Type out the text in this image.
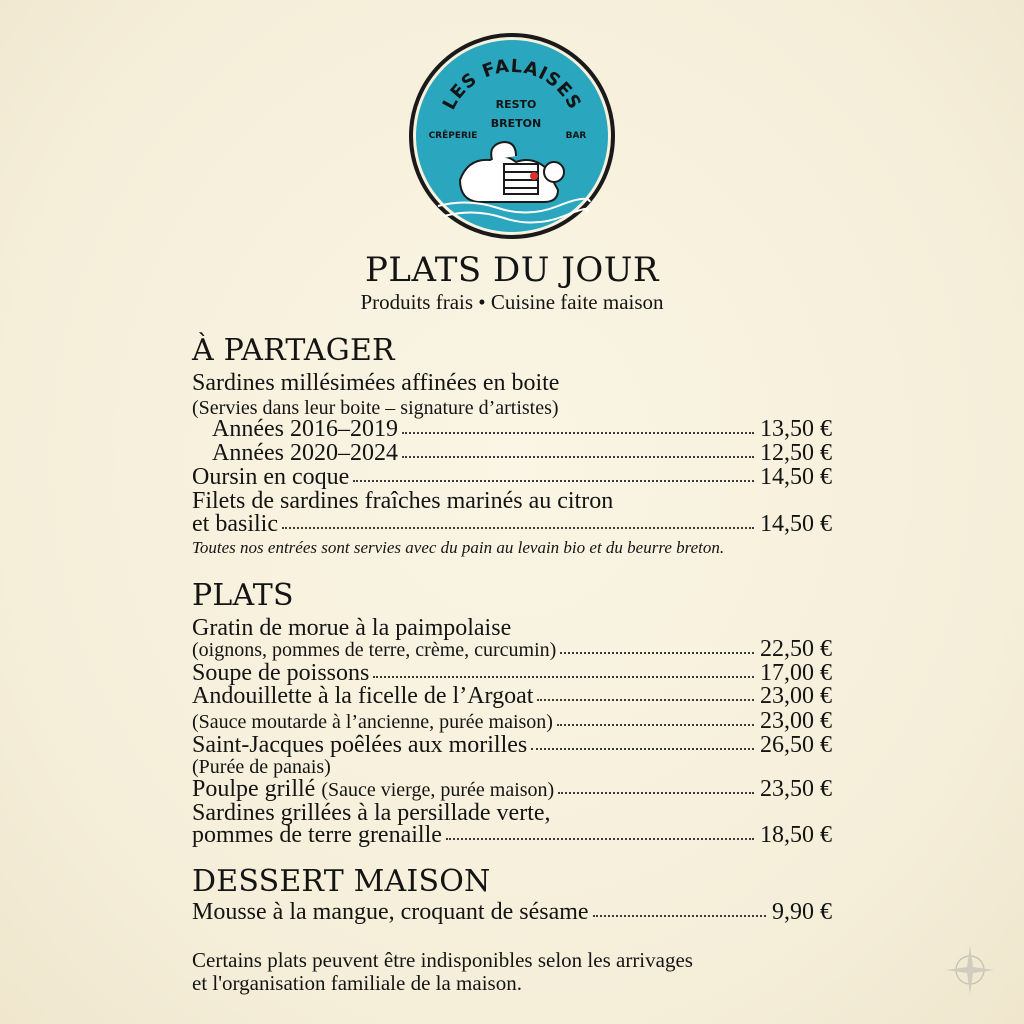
LES FALAISES
RESTO
BRETON
CRÊPERIE	BAR
PLATS DU JOUR
Produits frais • Cuisine faite maison
À PARTAGER
Sardines millésimées affinées en boite
(Servies dans leur boite – signature d’artistes)
Années 2016–2019	13,50 €
Années 2020–2024	12,50 €
Oursin en coque	14,50 €
Filets de sardines fraîches marinés au citron
et basilic	14,50 €
Toutes nos entrées sont servies avec du pain au levain bio et du beurre breton.
PLATS
Gratin de morue à la paimpolaise
(oignons, pommes de terre, crème, curcumin)	22,50 €
Soupe de poissons	17,00 €
Andouillette à la ficelle de l’Argoat	23,00 €
(Sauce moutarde à l’ancienne, purée maison)	23,00 €
Saint-Jacques poêlées aux morilles	26,50 €
(Purée de panais)
Poulpe grillé (Sauce vierge, purée maison)	23,50 €
Sardines grillées à la persillade verte,
pommes de terre grenaille	18,50 €
DESSERT MAISON
Mousse à la mangue, croquant de sésame	9,90 €
Certains plats peuvent être indisponibles selon les arrivages
et l'organisation familiale de la maison.
